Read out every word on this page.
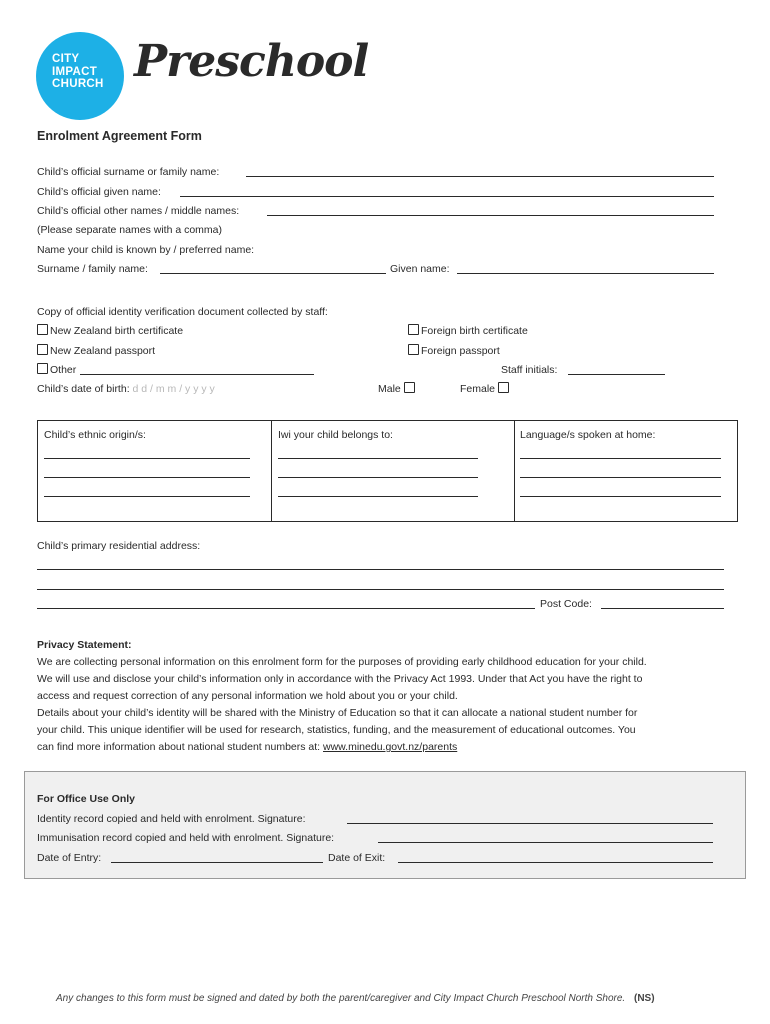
CITY
IMPACT
CHURCH Preschool
Enrolment Agreement Form
Child’s official surname or family name:
Child’s official given name:
Child’s official other names / middle names:
(Please separate names with a comma)
Name your child is known by / preferred name:
Surname / family name:	Given name:
Copy of official identity verification document collected by staff:
New Zealand birth certificate	Foreign birth certificate
New Zealand passport	Foreign passport
Other	Staff initials:
Child’s date of birth: d d / m m / y y y y	Male	Female
Child’s ethnic origin/s:	Iwi your child belongs to:	Language/s spoken at home:
Child’s primary residential address:
Post Code:
Privacy Statement:

We are collecting personal information on this enrolment form for the purposes of providing early childhood education for your child.

We will use and disclose your child’s information only in accordance with the Privacy Act 1993. Under that Act you have the right to

access and request correction of any personal information we hold about you or your child.

Details about your child’s identity will be shared with the Ministry of Education so that it can allocate a national student number for

your child. This unique identifier will be used for research, statistics, funding, and the measurement of educational outcomes. You

can find more information about national student numbers at: www.minedu.govt.nz/parents

For Office Use Only
Identity record copied and held with enrolment. Signature:
Immunisation record copied and held with enrolment. Signature:
Date of Entry:	Date of Exit:
Any changes to this form must be signed and dated by both the parent/caregiver and City Impact Church Preschool North Shore. (NS)
